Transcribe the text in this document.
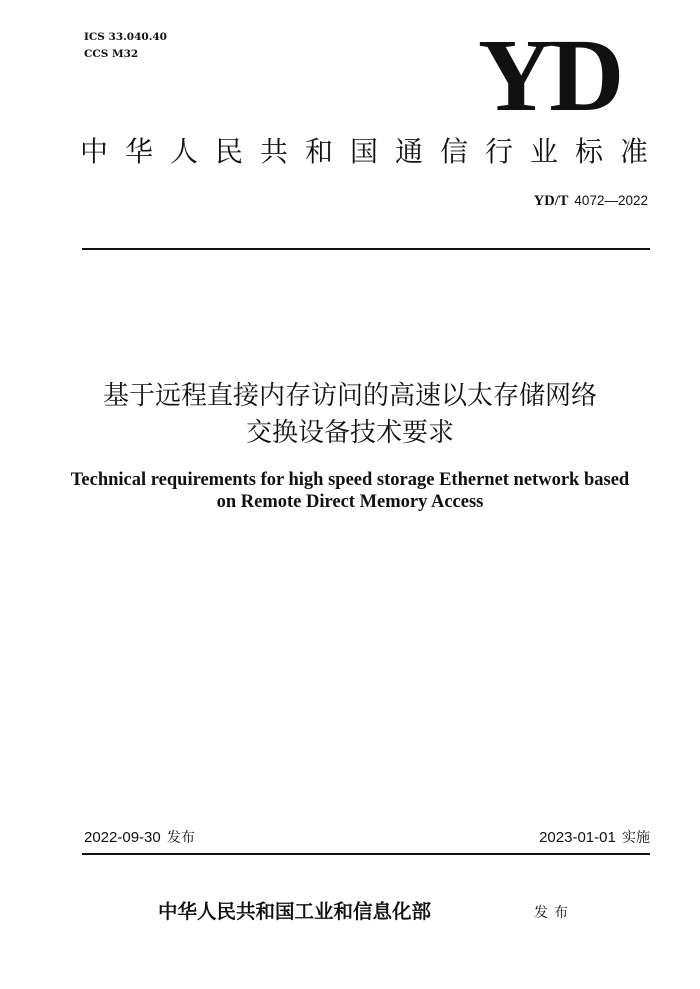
ICS 33.040.40
CCS M32	YD
中华人民共和国通信行业标准
YD/T 4072—2022
基于远程直接内存访问的高速以太存储网络
交换设备技术要求
Technical requirements for high speed storage Ethernet network based
on Remote Direct Memory Access
2022-09-30 发布	2023-01-01 实施
中华人民共和国工业和信息化部	发布
